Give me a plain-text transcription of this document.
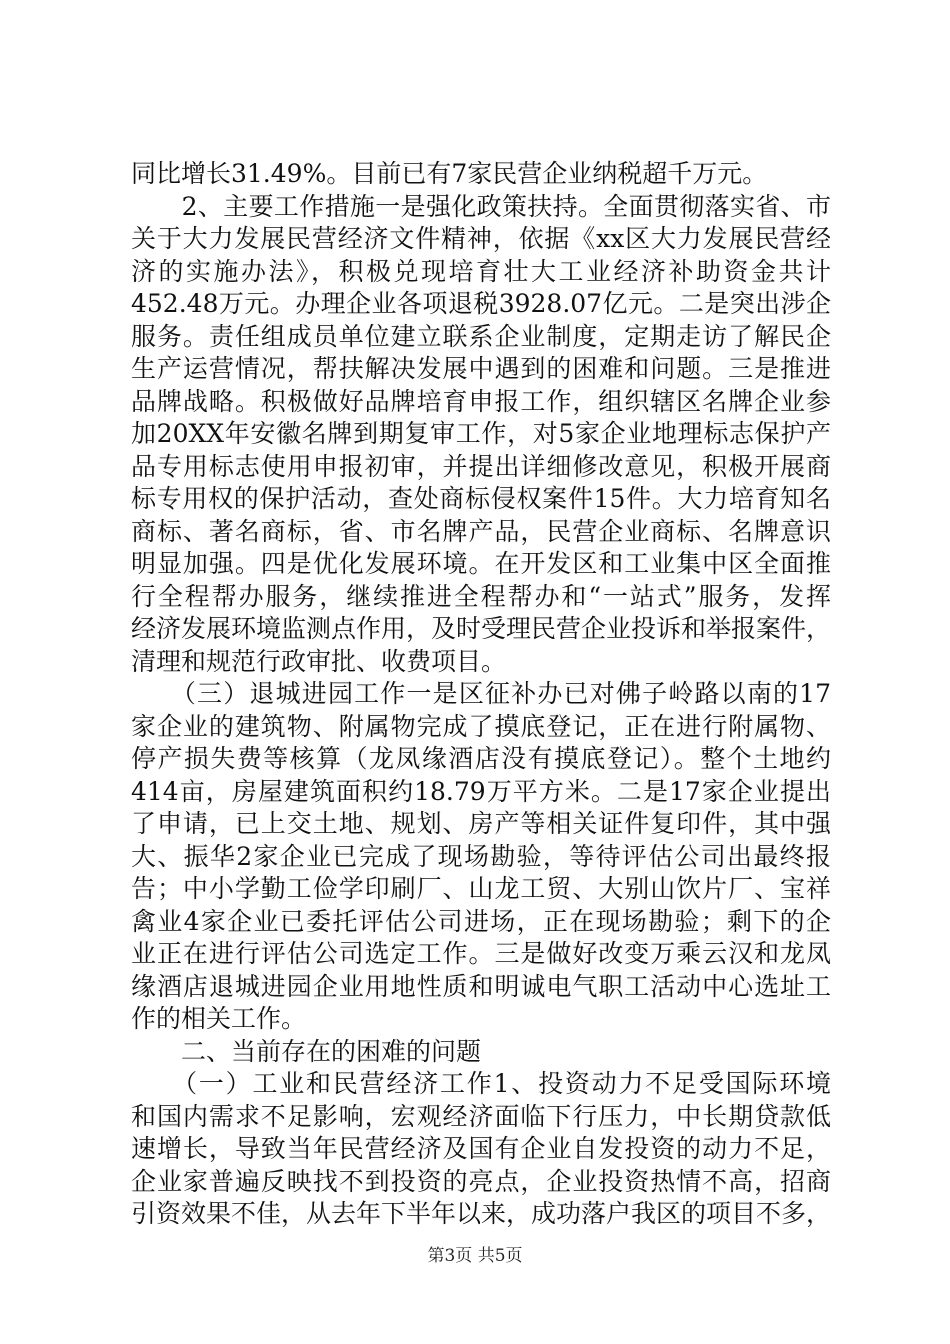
同比增长31.49%。目前已有7家民营企业纳税超千万元。
　　2、主要工作措施一是强化政策扶持。全面贯彻落实省、市
关于大力发展民营经济文件精神，依据《xx区大力发展民营经
济的实施办法》，积极兑现培育壮大工业经济补助资金共计
452.48万元。办理企业各项退税3928.07亿元。二是突出涉企
服务。责任组成员单位建立联系企业制度，定期走访了解民企
生产运营情况，帮扶解决发展中遇到的困难和问题。三是推进
品牌战略。积极做好品牌培育申报工作，组织辖区名牌企业参
加20XX年安徽名牌到期复审工作，对5家企业地理标志保护产
品专用标志使用申报初审，并提出详细修改意见，积极开展商
标专用权的保护活动，查处商标侵权案件15件。大力培育知名
商标、著名商标，省、市名牌产品，民营企业商标、名牌意识
明显加强。四是优化发展环境。在开发区和工业集中区全面推
行全程帮办服务，继续推进全程帮办和“一站式”服务，发挥
经济发展环境监测点作用，及时受理民营企业投诉和举报案件，
清理和规范行政审批、收费项目。
　　（三）退城进园工作一是区征补办已对佛子岭路以南的17
家企业的建筑物、附属物完成了摸底登记，正在进行附属物、
停产损失费等核算（龙凤缘酒店没有摸底登记）。整个土地约
414亩，房屋建筑面积约18.79万平方米。二是17家企业提出
了申请，已上交土地、规划、房产等相关证件复印件，其中强
大、振华2家企业已完成了现场勘验，等待评估公司出最终报
告；中小学勤工俭学印刷厂、山龙工贸、大别山饮片厂、宝祥
禽业4家企业已委托评估公司进场，正在现场勘验；剩下的企
业正在进行评估公司选定工作。三是做好改变万乘云汉和龙凤
缘酒店退城进园企业用地性质和明诚电气职工活动中心选址工
作的相关工作。
　　二、当前存在的困难的问题
　　（一）工业和民营经济工作1、投资动力不足受国际环境
和国内需求不足影响，宏观经济面临下行压力，中长期贷款低
速增长，导致当年民营经济及国有企业自发投资的动力不足，
企业家普遍反映找不到投资的亮点，企业投资热情不高，招商
引资效果不佳，从去年下半年以来，成功落户我区的项目不多，
第3页 共5页
